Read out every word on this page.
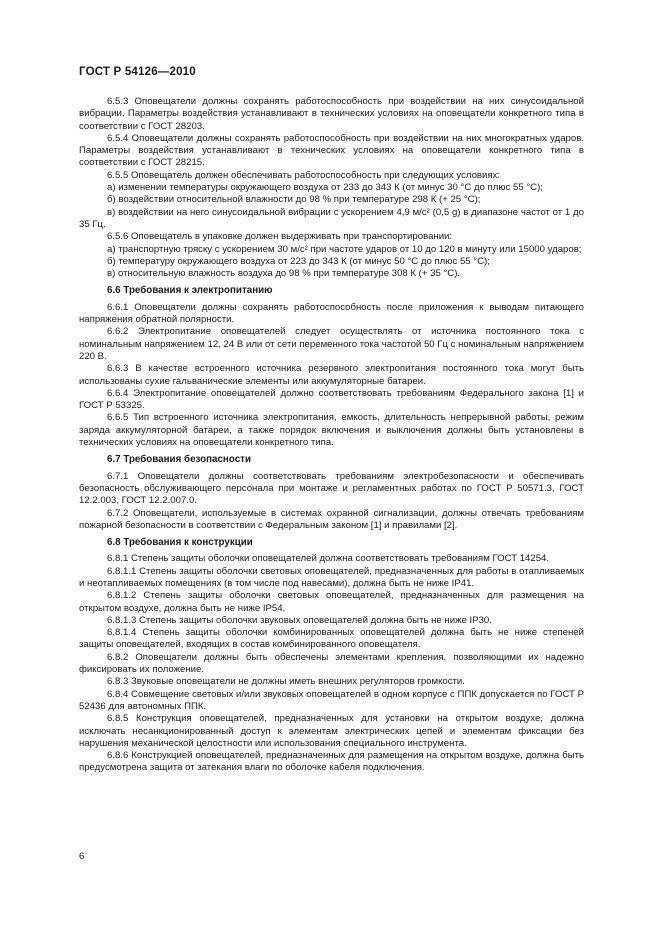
ГОСТ Р 54126—2010

6.5.3 Оповещатели должны сохранять работоспособность при воздействии на них синусоидальной вибрации. Параметры воздействия устанавливают в технических условиях на оповещатели конкретного типа в соответствии с ГОСТ 28203.

6.5.4 Оповещатели должны сохранять работоспособность при воздействии на них многократных ударов. Параметры воздействия устанавливают в технических условиях на оповещатели конкретного типа в соответствии с ГОСТ 28215.

6.5.5 Оповещатель должен обеспечивать работоспособность при следующих условиях:

а) изменении температуры окружающего воздуха от 233 до 343 К (от минус 30 °С до плюс 55 °С);

б) воздействии относительной влажности до 98 % при температуре 298 К (+ 25 °С);

в) воздействии на него синусоидальной вибрации с ускорением 4,9 м/с² (0,5 g) в диапазоне частот от 1 до 35 Гц.

6.5.6 Оповещатель в упаковке должен выдерживать при транспортировании:

а) транспортную тряску с ускорением 30 м/с² при частоте ударов от 10 до 120 в минуту или 15000 ударов;

б) температуру окружающего воздуха от 223 до 343 К (от минус 50 °С до плюс 55 °С);

в) относительную влажность воздуха до 98 % при температуре 308 К (+ 35 °С).

6.6 Требования к электропитанию

6.6.1 Оповещатели должны сохранять работоспособность после приложения к выводам питающего напряжения обратной полярности.

6.6.2 Электропитание оповещателей следует осуществлять от источника постоянного тока с номинальным напряжением 12, 24 В или от сети переменного тока частотой 50 Гц с номинальным напряжением 220 В.

6.6.3 В качестве встроенного источника резервного электропитания постоянного тока могут быть использованы сухие гальванические элементы или аккумуляторные батареи.

6.6.4 Электропитание оповещателей должно соответствовать требованиям Федерального закона [1] и ГОСТ Р 53325.

6.6.5 Тип встроенного источника электропитания, емкость, длительность непрерывной работы, режим заряда аккумуляторной батареи, а также порядок включения и выключения должны быть установлены в технических условиях на оповещатели конкретного типа.

6.7 Требования безопасности

6.7.1 Оповещатели должны соответствовать требованиям электробезопасности и обеспечивать безопасность обслуживающего персонала при монтаже и регламентных работах по ГОСТ Р 50571.3, ГОСТ 12.2.003, ГОСТ 12.2.007.0.

6.7.2 Оповещатели, используемые в системах охранной сигнализации, должны отвечать требованиям пожарной безопасности в соответствии с Федеральным законом [1] и правилами [2].

6.8 Требования к конструкции

6.8.1 Степень защиты оболочки оповещателей должна соответствовать требованиям ГОСТ 14254.

6.8.1.1 Степень защиты оболочки световых оповещателей, предназначенных для работы в отапливаемых и неотапливаемых помещениях (в том числе под навесами), должна быть не ниже IP41.

6.8.1.2 Степень защиты оболочки световых оповещателей, предназначенных для размещения на открытом воздухе, должна быть не ниже IP54.

6.8.1.3 Степень защиты оболочки звуковых оповещателей должна быть не ниже IP30.

6.8.1.4 Степень защиты оболочки комбинированных оповещателей должна быть не ниже степеней защиты оповещателей, входящих в состав комбинированного оповещателя.

6.8.2 Оповещатели должны быть обеспечены элементами крепления, позволяющими их надежно фиксировать их положение.

6.8.3 Звуковые оповещатели не должны иметь внешних регуляторов громкости.

6.8.4 Совмещение световых и/или звуковых оповещателей в одном корпусе с ППК допускается по ГОСТ Р 52436 для автономных ППК.

6.8.5 Конструкция оповещателей, предназначенных для установки на открытом воздухе, должна исключать несанкционированный доступ к элементам электрических цепей и элементам фиксации без нарушения механической целостности или использования специального инструмента.

6.8.6 Конструкцией оповещателей, предназначенных для размещения на открытом воздухе, должна быть предусмотрена защита от затекания влаги по оболочке кабеля подключения.

6
